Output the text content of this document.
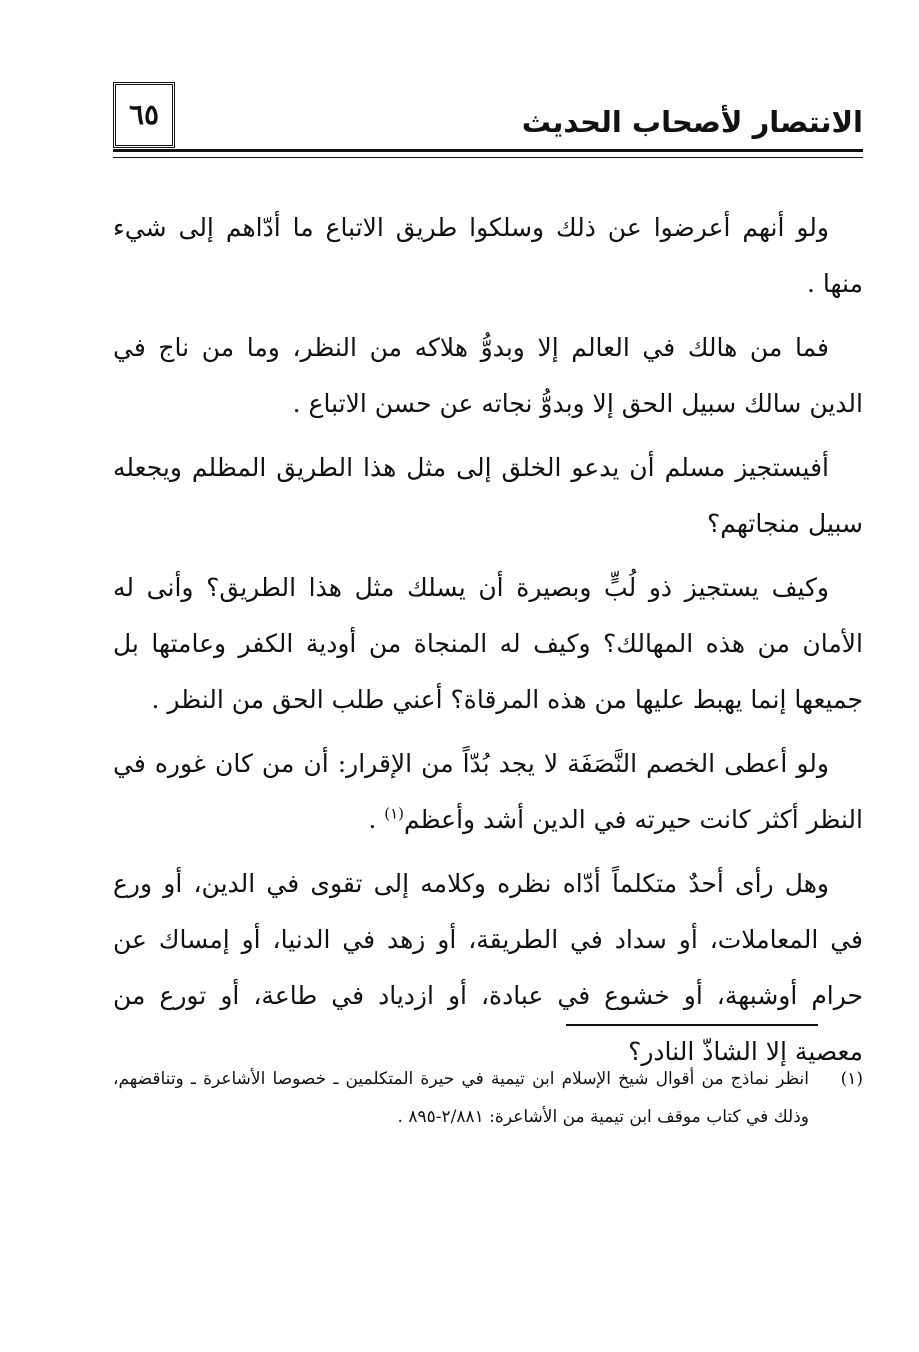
٦٥	الانتصار لأصحاب الحديث

ولو أنهم أعرضوا عن ذلك وسلكوا طريق الاتباع ما أدّاهم إلى شيء منها .

فما من هالك في العالم إلا وبدوُّ هلاكه من النظر، وما من ناج في الدين سالك سبيل الحق إلا وبدوُّ نجاته عن حسن الاتباع .

أفيستجيز مسلم أن يدعو الخلق إلى مثل هذا الطريق المظلم ويجعله سبيل منجاتهم؟

وكيف يستجيز ذو لُبٍّ وبصيرة أن يسلك مثل هذا الطريق؟ وأنى له الأمان من هذه المهالك؟ وكيف له المنجاة من أودية الكفر وعامتها بل جميعها إنما يهبط عليها من هذه المرقاة؟ أعني طلب الحق من النظر .

ولو أعطى الخصم النَّصَفَة لا يجد بُدّاً من الإقرار: أن من كان غوره في النظر أكثر كانت حيرته في الدين أشد وأعظم$^{(١)}$ .

وهل رأى أحدٌ متكلماً أدّاه نظره وكلامه إلى تقوى في الدين، أو ورع في المعاملات، أو سداد في الطريقة، أو زهد في الدنيا، أو إمساك عن حرام أوشبهة، أو خشوع في عبادة، أو ازدياد في طاعة، أو تورع من معصية إلا الشاذّ النادر؟

(١)
انظر نماذج من أقوال شيخ الإسلام ابن تيمية في حيرة المتكلمين ـ خصوصا الأشاعرة ـ وتناقضهم، وذلك في كتاب موقف ابن تيمية من الأشاعرة: ٢/٨٨١-٨٩٥ .
